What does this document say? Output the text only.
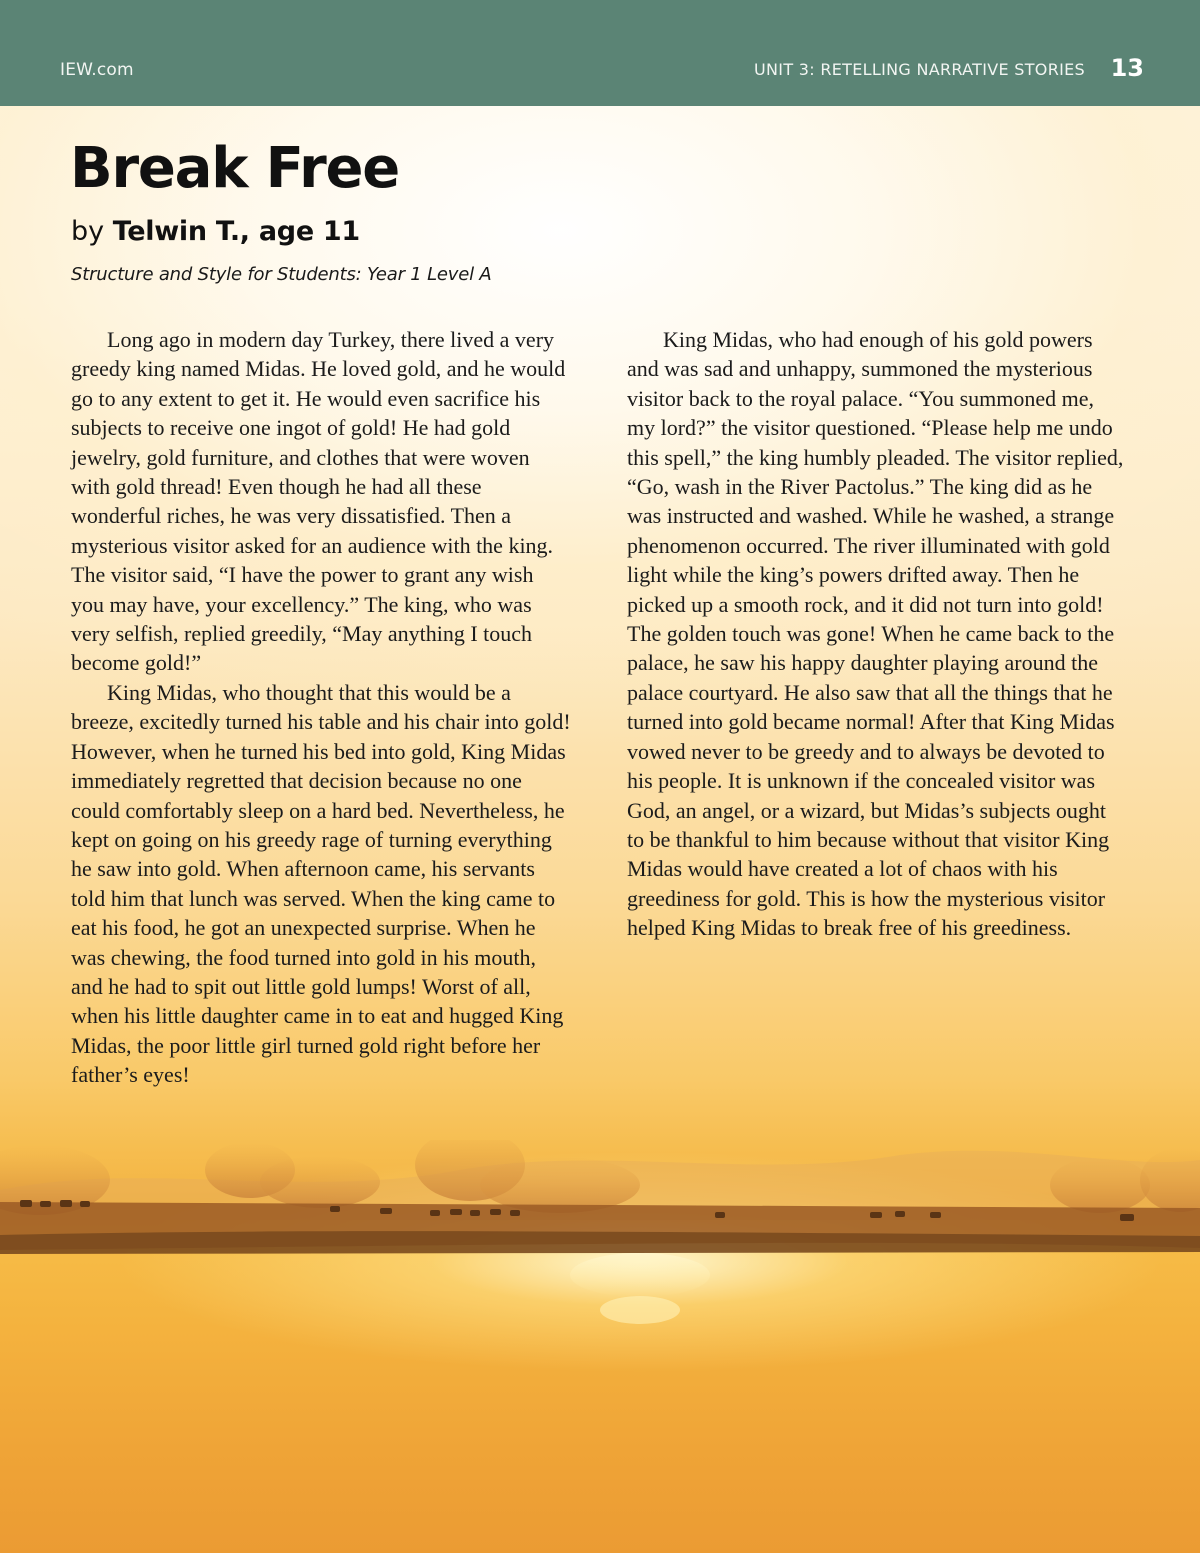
IEW.com	UNIT 3: RETELLING NARRATIVE STORIES 13
Break Free
by Telwin T., age 11
Structure and Style for Students: Year 1 Level A

Long ago in modern day Turkey, there lived a very greedy king named Midas. He loved gold, and he would go to any extent to get it. He would even sacrifice his subjects to receive one ingot of gold! He had gold jewelry, gold furniture, and clothes that were woven with gold thread! Even though he had all these wonderful riches, he was very dissatisfied. Then a mysterious visitor asked for an audience with the king. The visitor said, “I have the power to grant any wish you may have, your excellency.” The king, who was very selfish, replied greedily, “May anything I touch become gold!”

King Midas, who thought that this would be a breeze, excitedly turned his table and his chair into gold! However, when he turned his bed into gold, King Midas immediately regretted that decision because no one could comfortably sleep on a hard bed. Nevertheless, he kept on going on his greedy rage of turning everything he saw into gold. When afternoon came, his servants told him that lunch was served. When the king came to eat his food, he got an unexpected surprise. When he was chewing, the food turned into gold in his mouth, and he had to spit out little gold lumps! Worst of all, when his little daughter came in to eat and hugged King Midas, the poor little girl turned gold right before her father’s eyes!

King Midas, who had enough of his gold powers and was sad and unhappy, summoned the mysterious visitor back to the royal palace. “You summoned me, my lord?” the visitor questioned. “Please help me undo this spell,” the king humbly pleaded. The visitor replied, “Go, wash in the River Pactolus.” The king did as he was instructed and washed. While he washed, a strange phenomenon occurred. The river illuminated with gold light while the king’s powers drifted away. Then he picked up a smooth rock, and it did not turn into gold! The golden touch was gone! When he came back to the palace, he saw his happy daughter playing around the palace courtyard. He also saw that all the things that he turned into gold became normal! After that King Midas vowed never to be greedy and to always be devoted to his people. It is unknown if the concealed visitor was God, an angel, or a wizard, but Midas’s subjects ought to be thankful to him because without that visitor King Midas would have created a lot of chaos with his greediness for gold. This is how the mysterious visitor helped King Midas to break free of his greediness.
